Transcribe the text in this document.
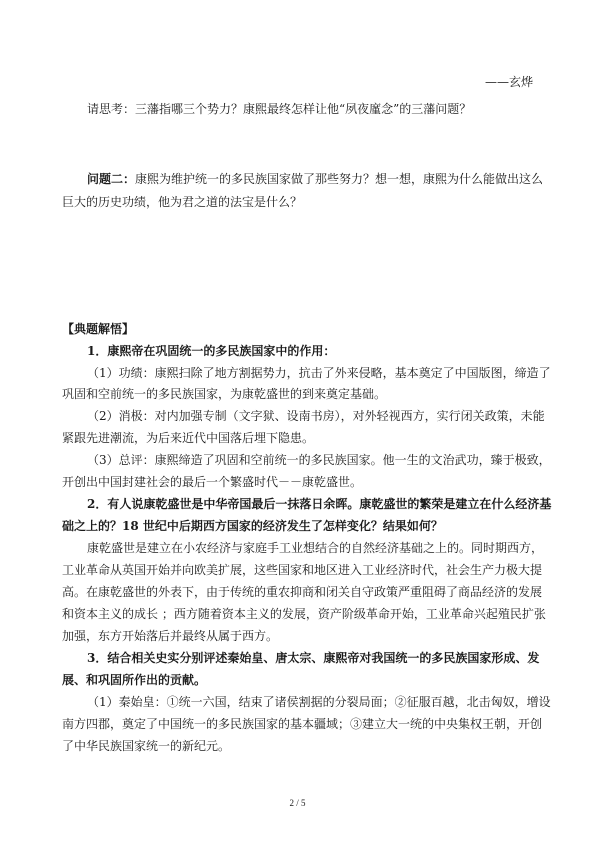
——玄烨
请思考：三藩指哪三个势力？康熙最终怎样让他“夙夜廑念”的三藩问题？
问题二：康熙为维护统一的多民族国家做了那些努力？想一想，康熙为什么能做出这么
巨大的历史功绩，他为君之道的法宝是什么？
【典题解悟】
1．康熙帝在巩固统一的多民族国家中的作用：
（1）功绩：康熙扫除了地方割据势力，抗击了外来侵略，基本奠定了中国版图，缔造了
巩固和空前统一的多民族国家，为康乾盛世的到来奠定基础。
（2）消极：对内加强专制（文字狱、设南书房），对外轻视西方，实行闭关政策，未能
紧跟先进潮流，为后来近代中国落后埋下隐患。
（3）总评：康熙缔造了巩固和空前统一的多民族国家。他一生的文治武功，臻于极致，
开创出中国封建社会的最后一个繁盛时代－－康乾盛世。
2．有人说康乾盛世是中华帝国最后一抹落日余晖。康乾盛世的繁荣是建立在什么经济基
础之上的？18 世纪中后期西方国家的经济发生了怎样变化？结果如何？
康乾盛世是建立在小农经济与家庭手工业想结合的自然经济基础之上的。同时期西方，
工业革命从英国开始并向欧美扩展，这些国家和地区进入工业经济时代，社会生产力极大提
高。在康乾盛世的外表下，由于传统的重农抑商和闭关自守政策严重阻碍了商品经济的发展
和资本主义的成长 ；西方随着资本主义的发展，资产阶级革命开始，工业革命兴起殖民扩张
加强，东方开始落后并最终从属于西方。
3．结合相关史实分别评述秦始皇、唐太宗、康熙帝对我国统一的多民族国家形成、发
展、和巩固所作出的贡献。
（1）秦始皇：①统一六国，结束了诸侯割据的分裂局面；②征服百越，北击匈奴，增设
南方四郡，奠定了中国统一的多民族国家的基本疆域；③建立大一统的中央集权王朝，开创
了中华民族国家统一的新纪元。
2 / 5
